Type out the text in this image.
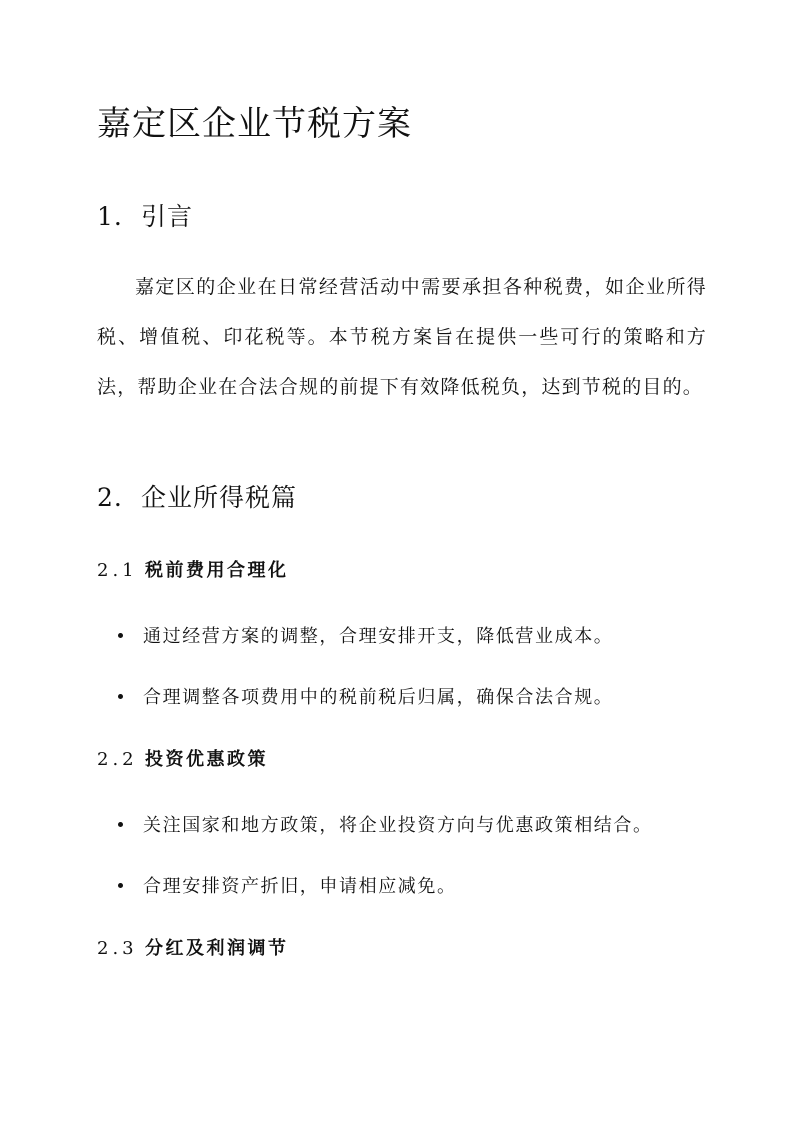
嘉定区企业节税方案
1. 引言

嘉定区的企业在日常经营活动中需要承担各种税费，如企业所得税、增值税、印花税等。本节税方案旨在提供一些可行的策略和方法，帮助企业在合法合规的前提下有效降低税负，达到节税的目的。

2. 企业所得税篇
2.1 税前费用合理化
通过经营方案的调整，合理安排开支，降低营业成本。
合理调整各项费用中的税前税后归属，确保合法合规。
2.2 投资优惠政策
关注国家和地方政策，将企业投资方向与优惠政策相结合。
合理安排资产折旧，申请相应减免。
2.3 分红及利润调节
